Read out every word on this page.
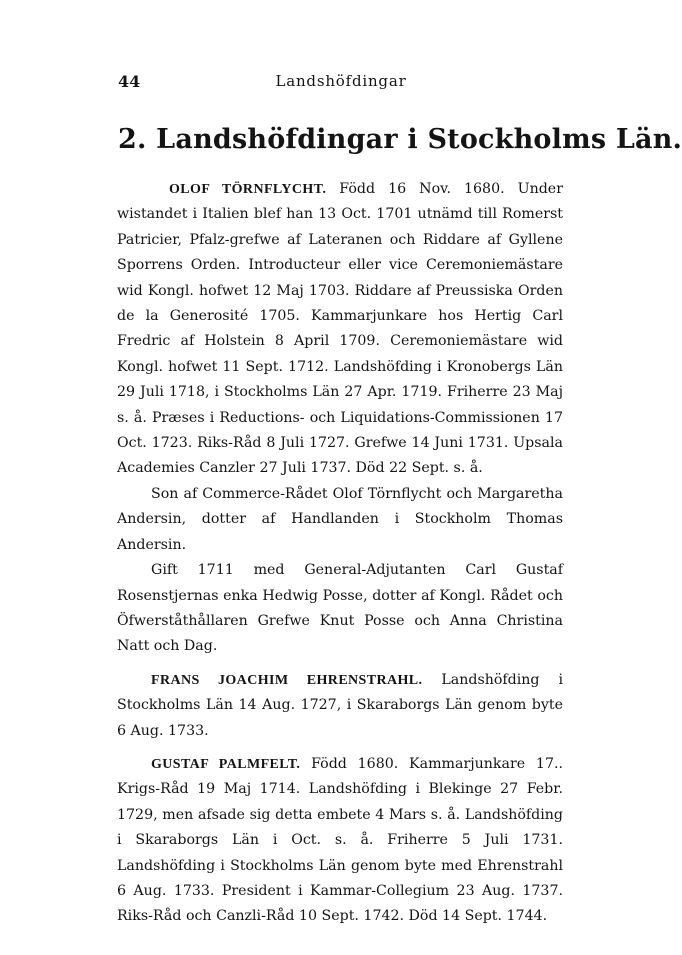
44	Landshöfdingar
2. Landshöfdingar i Stockholms Län.

OLOF TÖRNFLYCHT. Född 16 Nov. 1680. Under wistandet i Italien blef han 13 Oct. 1701 utnämd till Romerst Patricier, Pfalz-grefwe af Lateranen och Riddare af Gyllene Sporrens Orden. Introducteur eller vice Ceremoniemästare wid Kongl. hofwet 12 Maj 1703. Riddare af Preussiska Orden de la Generosité 1705. Kammarjunkare hos Hertig Carl Fredric af Holstein 8 April 1709. Ceremoniemästare wid Kongl. hofwet 11 Sept. 1712. Landshöfding i Kronobergs Län 29 Juli 1718, i Stockholms Län 27 Apr. 1719. Friherre 23 Maj s. å. Præses i Reductions- och Liquidations-Commissionen 17 Oct. 1723. Riks-Råd 8 Juli 1727. Grefwe 14 Juni 1731. Upsala Academies Canzler 27 Juli 1737. Död 22 Sept. s. å.

Son af Commerce-Rådet Olof Törnflycht och Margaretha Andersin, dotter af Handlanden i Stockholm Thomas Andersin.

Gift 1711 med General-Adjutanten Carl Gustaf Rosenstjernas enka Hedwig Posse, dotter af Kongl. Rådet och Öfwerståthållaren Grefwe Knut Posse och Anna Christina Natt och Dag.

FRANS JOACHIM EHRENSTRAHL. Landshöfding i Stockholms Län 14 Aug. 1727, i Skaraborgs Län genom byte 6 Aug. 1733.

GUSTAF PALMFELT. Född 1680. Kammarjunkare 17.. Krigs-Råd 19 Maj 1714. Landshöfding i Blekinge 27 Febr. 1729, men afsade sig detta embete 4 Mars s. å. Landshöfding i Skaraborgs Län i Oct. s. å. Friherre 5 Juli 1731. Landshöfding i Stockholms Län genom byte med Ehrenstrahl 6 Aug. 1733. President i Kammar-Collegium 23 Aug. 1737. Riks-Råd och Canzli-Råd 10 Sept. 1742. Död 14 Sept. 1744.
